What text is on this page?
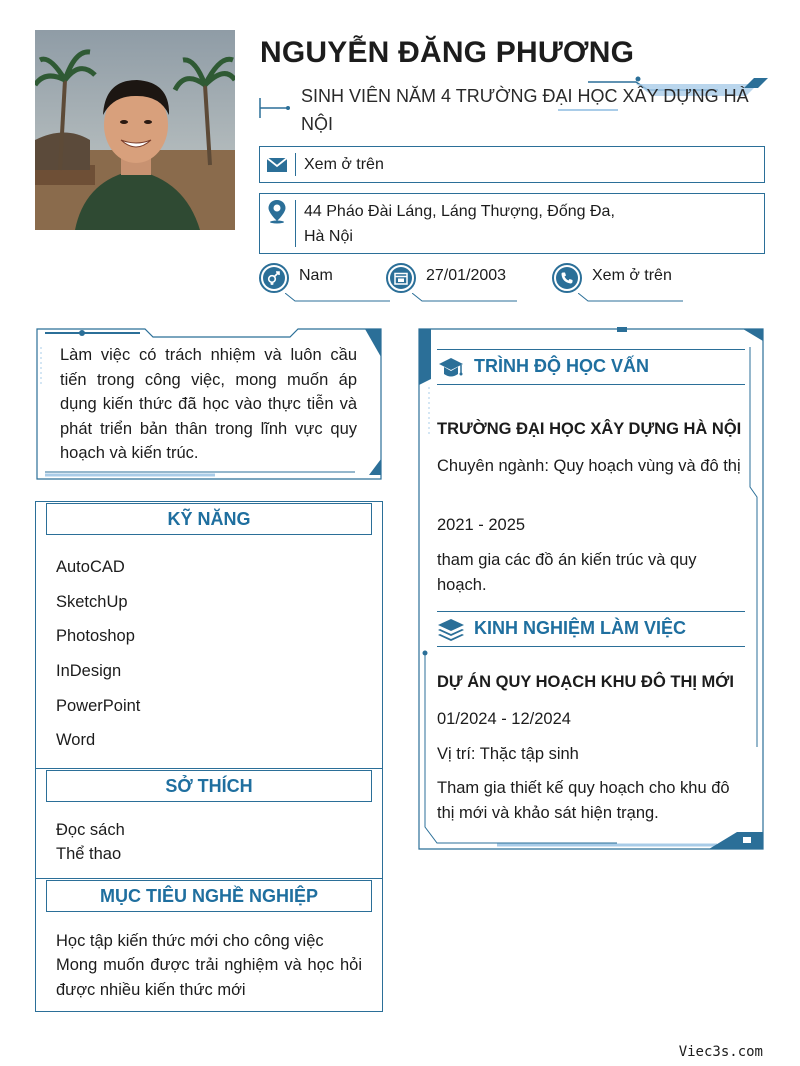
NGUYỄN ĐĂNG PHƯƠNG
SINH VIÊN NĂM 4 TRƯỜNG ĐẠI HỌC XÂY DỰNG HÀ NỘI
Xem ở trên
44 Pháo Đài Láng, Láng Thượng, Đống Đa,
Hà Nội
Nam	27/01/2003	Xem ở trên
Làm việc có trách nhiệm và luôn cầu tiến trong công việc, mong muốn áp dụng kiến thức đã học vào thực tiễn và phát triển bản thân trong lĩnh vực quy hoạch và kiến trúc.
KỸ NĂNG
AutoCAD
SketchUp
Photoshop
InDesign
PowerPoint
Word
SỞ THÍCH
Đọc sách
Thể thao
MỤC TIÊU NGHỀ NGHIỆP
Học tập kiến thức mới cho công việc
Mong muốn được trải nghiệm và học hỏi được nhiều kiến thức mới
TRÌNH ĐỘ HỌC VẤN
TRƯỜNG ĐẠI HỌC XÂY DỰNG HÀ NỘI
Chuyên ngành: Quy hoạch vùng và đô thị
2021 - 2025
tham gia các đồ án kiến trúc và quy hoạch.
KINH NGHIỆM LÀM VIỆC
DỰ ÁN QUY HOẠCH KHU ĐÔ THỊ MỚI
01/2024 - 12/2024
Vị trí: Thặc tập sinh
Tham gia thiết kế quy hoạch cho khu đô thị mới và khảo sát hiện trạng.
Viec3s.com
